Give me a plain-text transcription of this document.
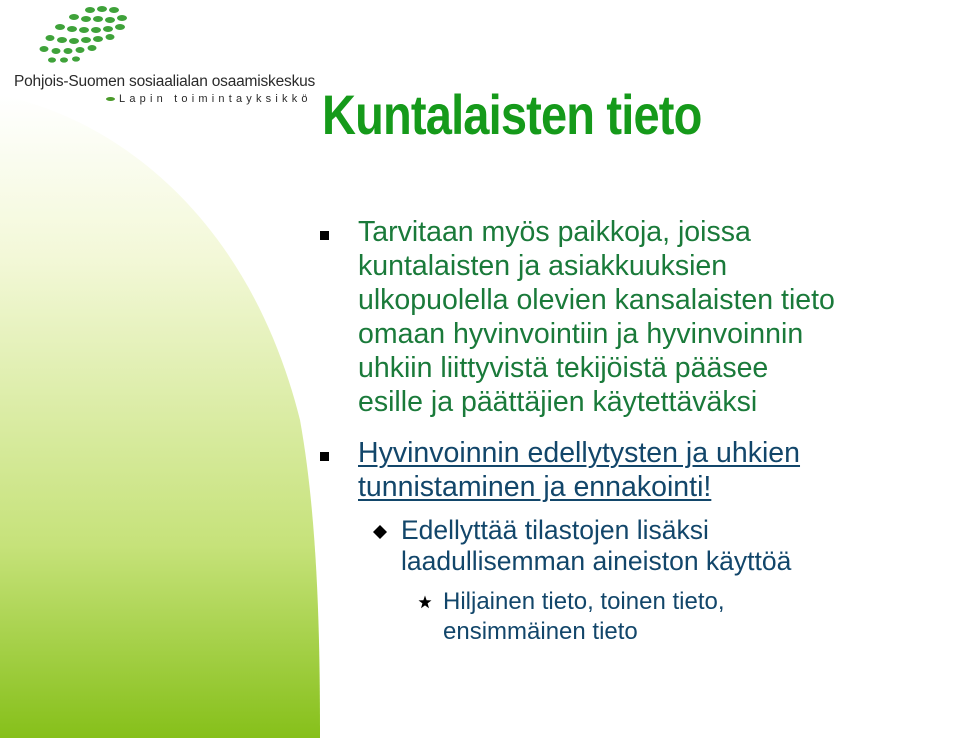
Pohjois-Suomen sosiaalialan osaamiskeskus
Lapin toimintayksikkö Kuntalaisten tieto
Tarvitaan myös paikkoja, joissa
kuntalaisten ja asiakkuuksien
ulkopuolella olevien kansalaisten tieto
omaan hyvinvointiin ja hyvinvoinnin
uhkiin liittyvistä tekijöistä pääsee
esille ja päättäjien käytettäväksi
Hyvinvoinnin edellytysten ja uhkien
tunnistaminen ja ennakointi!
Edellyttää tilastojen lisäksi
laadullisemman aineiston käyttöä
Hiljainen tieto, toinen tieto,
ensimmäinen tieto
